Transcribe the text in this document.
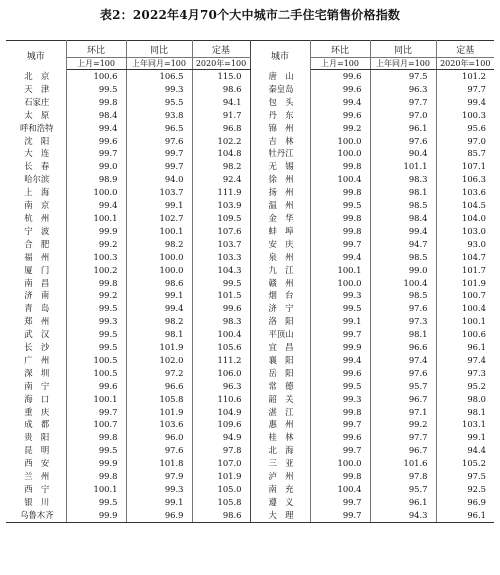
表2：2022年4月70个大中城市二手住宅销售价格指数
城市	环比	同比	定基	城市	环比	同比	定基
	上月=100	上年同月=100	2020年=100		上月=100	上年同月=100	2020年=100
北　京	100.6	106.5	115.0	唐　山	99.6	97.5	101.2
天　津	99.5	99.3	98.6	秦皇岛	99.6	96.3	97.7
石家庄	99.8	95.5	94.1	包　头	99.4	97.7	99.4
太　原	98.4	93.8	91.7	丹　东	99.6	97.0	100.3
呼和浩特	99.4	96.5	96.8	锦　州	99.2	96.1	95.6
沈　阳	99.6	97.6	102.2	吉　林	100.0	97.6	97.0
大　连	99.7	99.7	104.8	牡丹江	100.0	90.4	85.7
长　春	99.0	99.7	98.2	无　锡	99.8	101.1	107.1
哈尔滨	98.9	94.0	92.4	徐　州	100.4	98.3	106.3
上　海	100.0	103.7	111.9	扬　州	99.8	98.1	103.6
南　京	99.4	99.1	103.9	温　州	99.5	98.5	104.5
杭　州	100.1	102.7	109.5	金　华	99.8	98.4	104.0
宁　波	99.9	100.1	107.6	蚌　埠	99.8	99.4	103.0
合　肥	99.2	98.2	103.7	安　庆	99.7	94.7	93.0
福　州	100.3	100.0	103.3	泉　州	99.4	98.5	104.7
厦　门	100.2	100.0	104.3	九　江	100.1	99.0	101.7
南　昌	99.8	98.6	99.5	赣　州	100.0	100.4	101.9
济　南	99.2	99.1	101.5	烟　台	99.3	98.5	100.7
青　岛	99.5	99.4	99.6	济　宁	99.5	97.6	100.4
郑　州	99.3	98.2	98.3	洛　阳	99.1	97.3	100.1
武　汉	99.5	98.1	100.4	平顶山	99.7	98.1	100.6
长　沙	99.5	101.9	105.6	宜　昌	99.9	96.6	96.1
广　州	100.5	102.0	111.2	襄　阳	99.4	97.4	97.4
深　圳	100.5	97.2	106.0	岳　阳	99.6	97.6	97.3
南　宁	99.6	96.6	96.3	常　德	99.5	95.7	95.2
海　口	100.1	105.8	110.6	韶　关	99.3	96.7	98.0
重　庆	99.7	101.9	104.9	湛　江	99.8	97.1	98.1
成　都	100.7	103.6	109.6	惠　州	99.7	99.2	103.1
贵　阳	99.8	96.0	94.9	桂　林	99.6	97.7	99.1
昆　明	99.5	97.6	97.8	北　海	99.7	96.7	94.4
西　安	99.9	101.8	107.0	三　亚	100.0	101.6	105.2
兰　州	99.8	97.9	101.9	泸　州	99.8	97.8	97.5
西　宁	100.1	99.3	105.0	南　充	100.4	95.7	92.5
银　川	99.5	99.1	105.8	遵　义	99.7	96.1	96.9
乌鲁木齐	99.9	96.9	98.6	大　理	99.7	94.3	96.1
